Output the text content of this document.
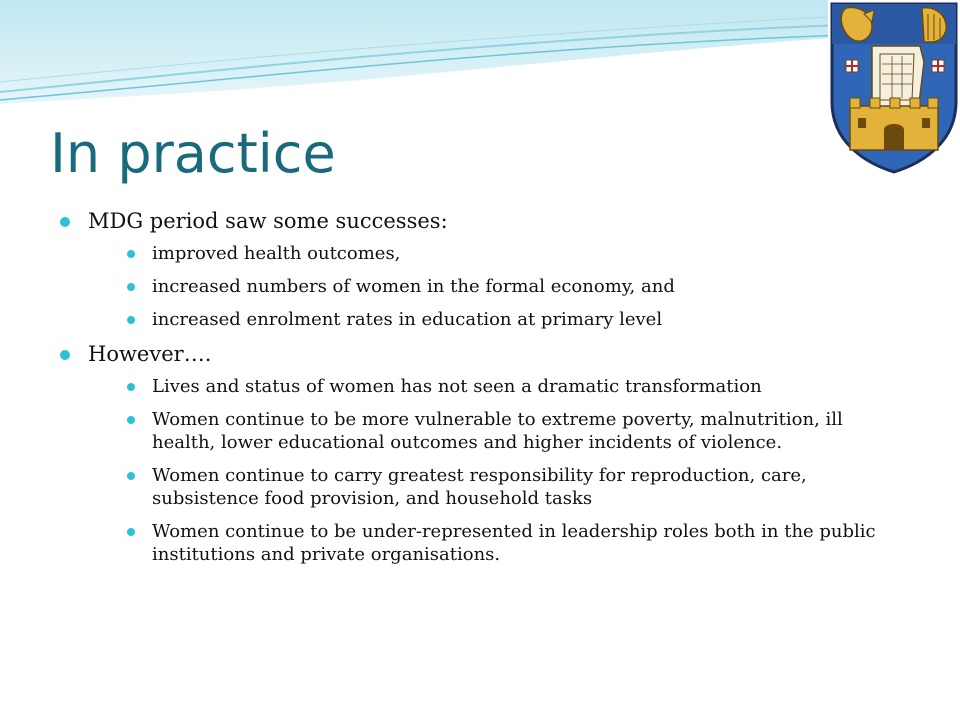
In practice
MDG period saw some successes:
improved health outcomes,
increased numbers of women in the formal economy, and
increased enrolment rates in education at primary level
However….
Lives and status of women has not seen a dramatic transformation
Women continue to be more vulnerable to extreme poverty, malnutrition, ill health, lower educational outcomes and higher incidents of violence.
Women continue to carry greatest responsibility for reproduction, care, subsistence food provision, and household tasks
Women continue to be under-represented in leadership roles both in the public institutions and private organisations.
